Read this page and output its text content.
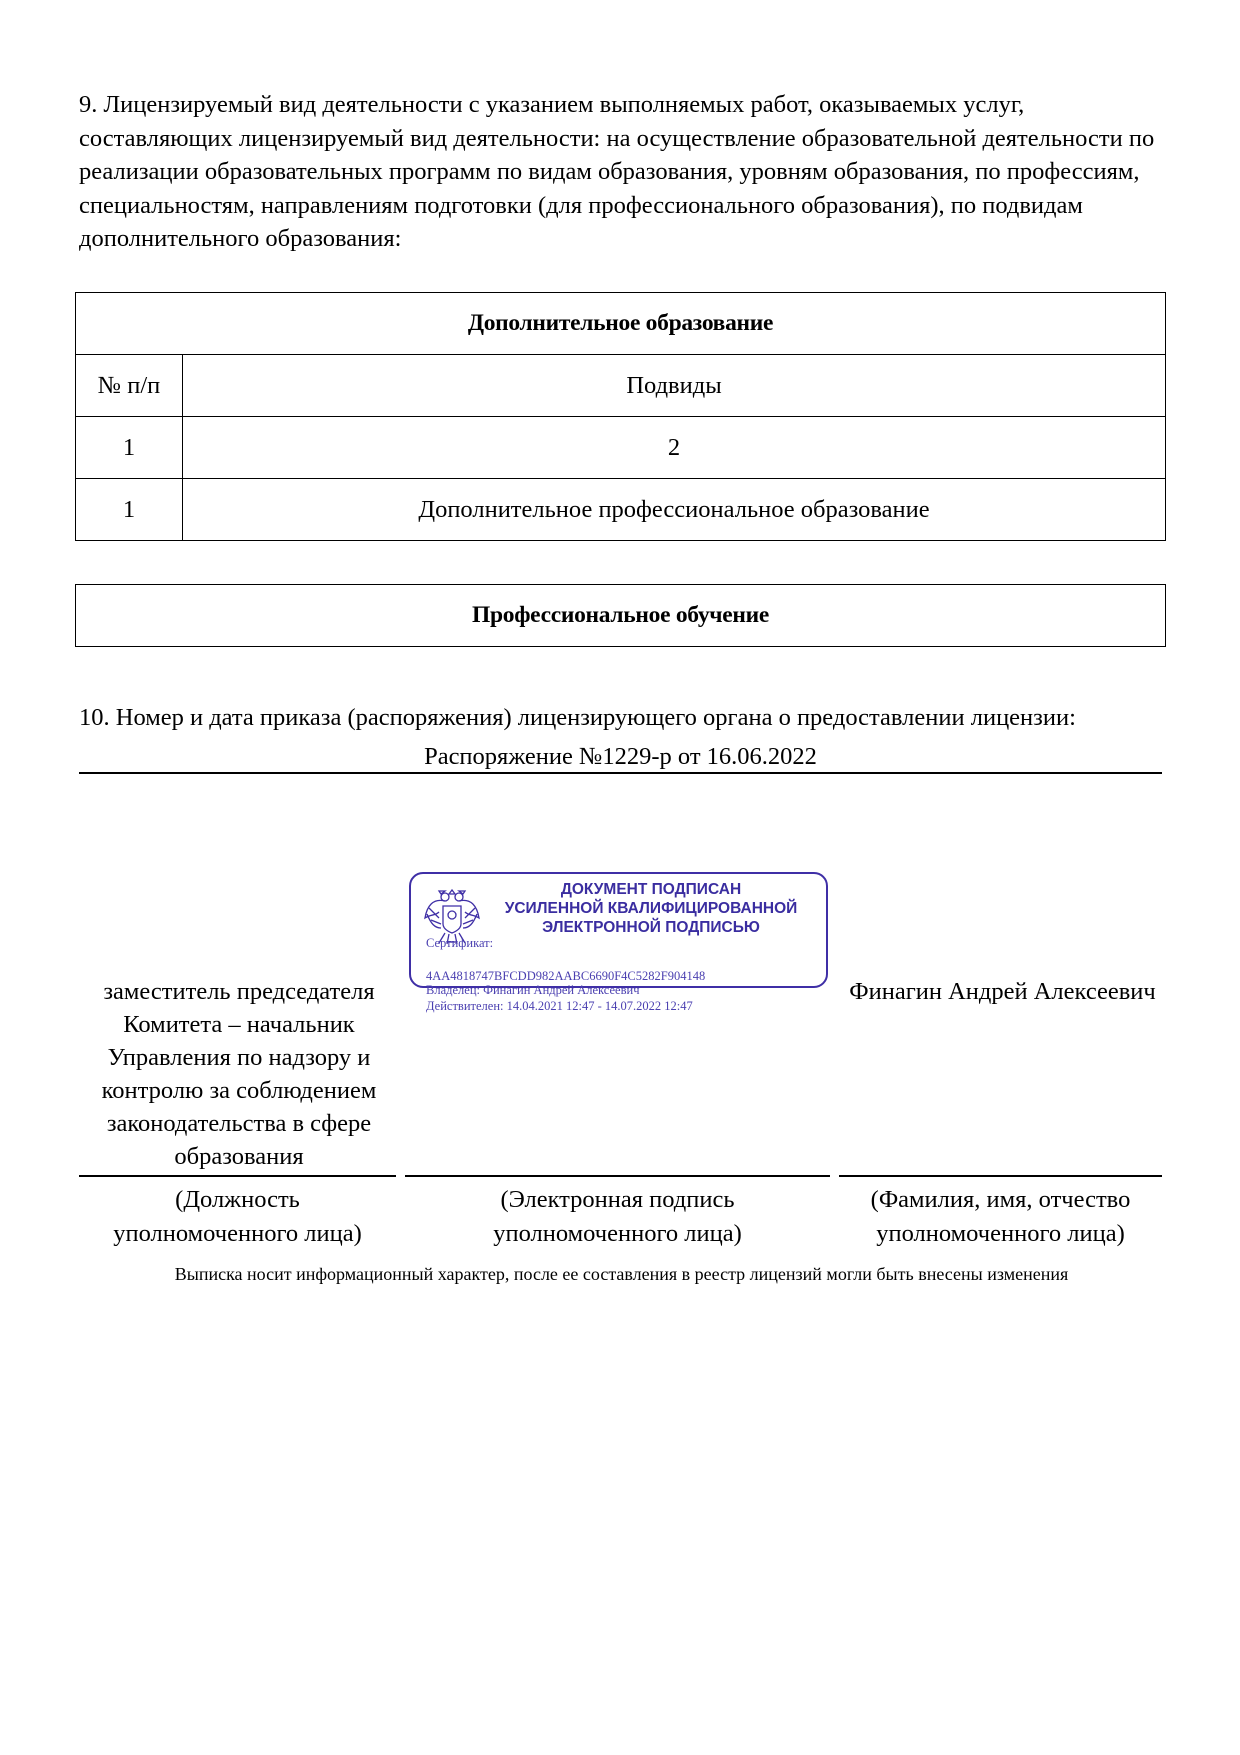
9. Лицензируемый вид деятельности с указанием выполняемых работ, оказываемых услуг, составляющих лицензируемый вид деятельности: на осуществление образовательной деятельности по реализации образовательных программ по видам образования, уровням образования, по профессиям, специальностям, направлениям подготовки (для профессионального образования), по подвидам дополнительного образования:
Дополнительное образование	
№ п/п	Подвиды
1	2
1	Дополнительное профессиональное образование
Профессиональное обучение
10. Номер и дата приказа (распоряжения) лицензирующего органа о предоставлении лицензии:
Распоряжение №1229-р от 16.06.2022
ДОКУМЕНТ ПОДПИСАН
УСИЛЕННОЙ КВАЛИФИЦИРОВАННОЙ
ЭЛЕКТРОННОЙ ПОДПИСЬЮ
Сертификат:
4AA4818747BFCDD982AABC6690F4C5282F904148
Владелец: Финагин Андрей Алексеевич
Действителен: 14.04.2021 12:47 - 14.07.2022 12:47
заместитель председателя
Комитета – начальник
Управления по надзору и
контролю за соблюдением
законодательства в сфере
образования
Финагин Андрей Алексеевич
(Должность
уполномоченного лица)
(Электронная подпись
уполномоченного лица)
(Фамилия, имя, отчество
уполномоченного лица)
Выписка носит информационный характер, после ее составления в реестр лицензий могли быть внесены изменения
